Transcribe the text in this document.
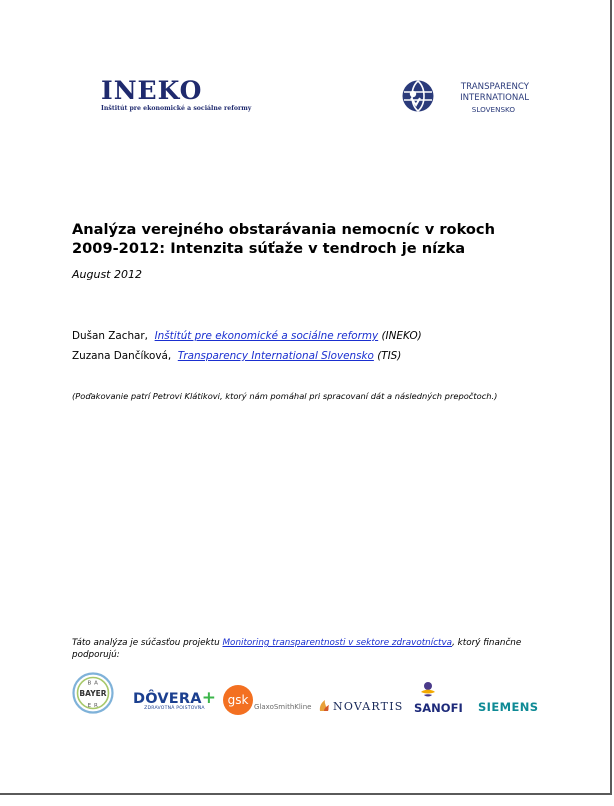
INEKO
Inštitút pre ekonomické a sociálne reformy
TRANSPARENCY
INTERNATIONAL
SLOVENSKO
Analýza verejného obstarávania nemocníc v rokoch 2009-2012: Intenzita súťaže v tendroch je nízka
August 2012
Dušan Zachar, Inštitút pre ekonomické a sociálne reformy (INEKO)
Zuzana Dančíková, Transparency International Slovensko (TIS)
(Poďakovanie patrí Petrovi Klátikovi, ktorý nám pomáhal pri spracovaní dát a následných prepočtoch.)
Táto analýza je súčasťou projektu Monitoring transparentnosti v sektore zdravotníctva, ktorý finančne podporujú:
BAYER
B A
E R DÔVERA+
ZDRAVOTNÁ POISŤOVŇA
gsk GlaxoSmithKline NOVARTIS SANOFI SIEMENS
